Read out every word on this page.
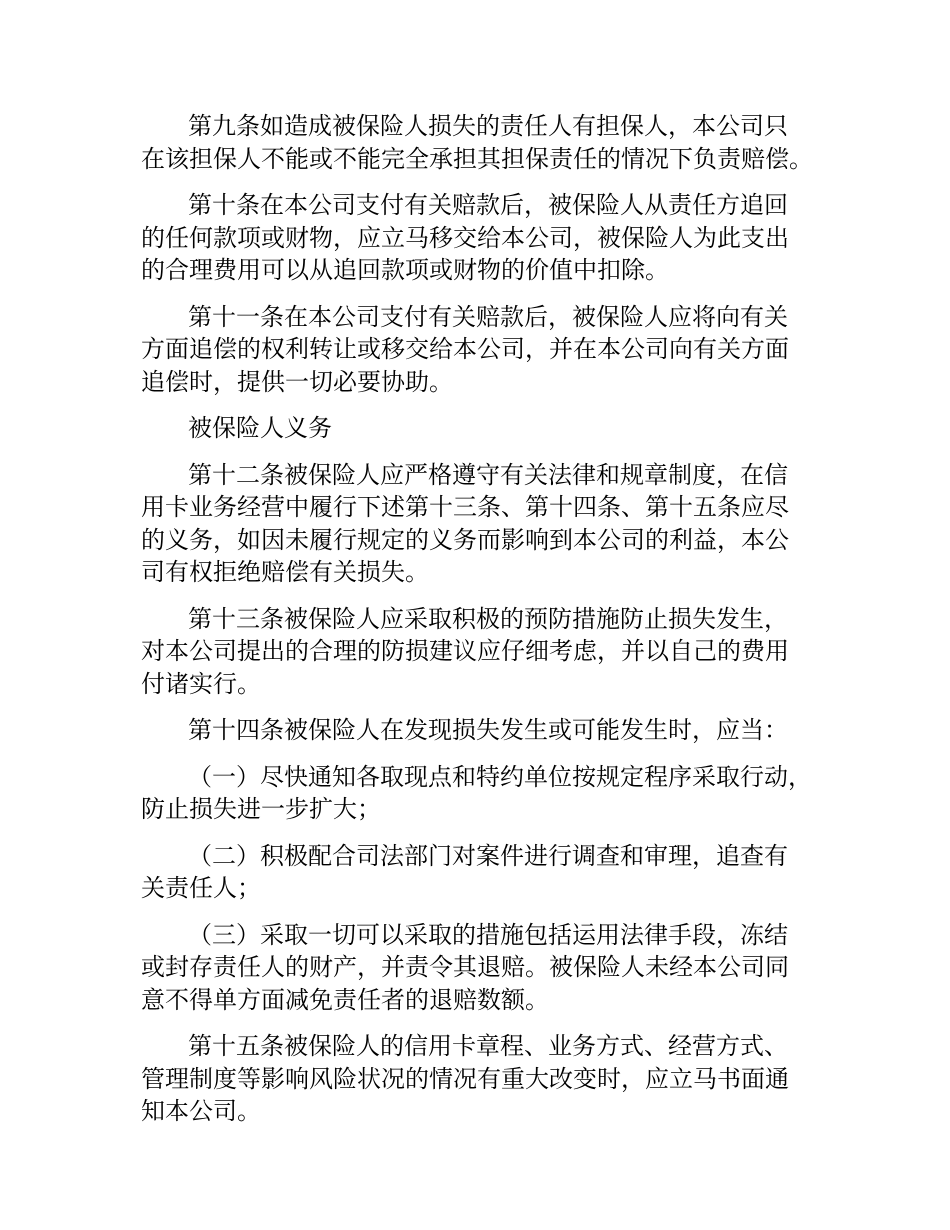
第九条如造成被保险人损失的责任人有担保人，本公司只
在该担保人不能或不能完全承担其担保责任的情况下负责赔偿。
第十条在本公司支付有关赔款后，被保险人从责任方追回
的任何款项或财物，应立马移交给本公司，被保险人为此支出
的合理费用可以从追回款项或财物的价值中扣除。
第十一条在本公司支付有关赔款后，被保险人应将向有关
方面追偿的权利转让或移交给本公司，并在本公司向有关方面
追偿时，提供一切必要协助。
被保险人义务
第十二条被保险人应严格遵守有关法律和规章制度，在信
用卡业务经营中履行下述第十三条、第十四条、第十五条应尽
的义务，如因未履行规定的义务而影响到本公司的利益，本公
司有权拒绝赔偿有关损失。
第十三条被保险人应采取积极的预防措施防止损失发生，
对本公司提出的合理的防损建议应仔细考虑，并以自己的费用
付诸实行。
第十四条被保险人在发现损失发生或可能发生时，应当：
（一）尽快通知各取现点和特约单位按规定程序采取行动，
防止损失进一步扩大；
（二）积极配合司法部门对案件进行调查和审理，追查有
关责任人；
（三）采取一切可以采取的措施包括运用法律手段，冻结
或封存责任人的财产，并责令其退赔。被保险人未经本公司同
意不得单方面减免责任者的退赔数额。
第十五条被保险人的信用卡章程、业务方式、经营方式、
管理制度等影响风险状况的情况有重大改变时，应立马书面通
知本公司。
